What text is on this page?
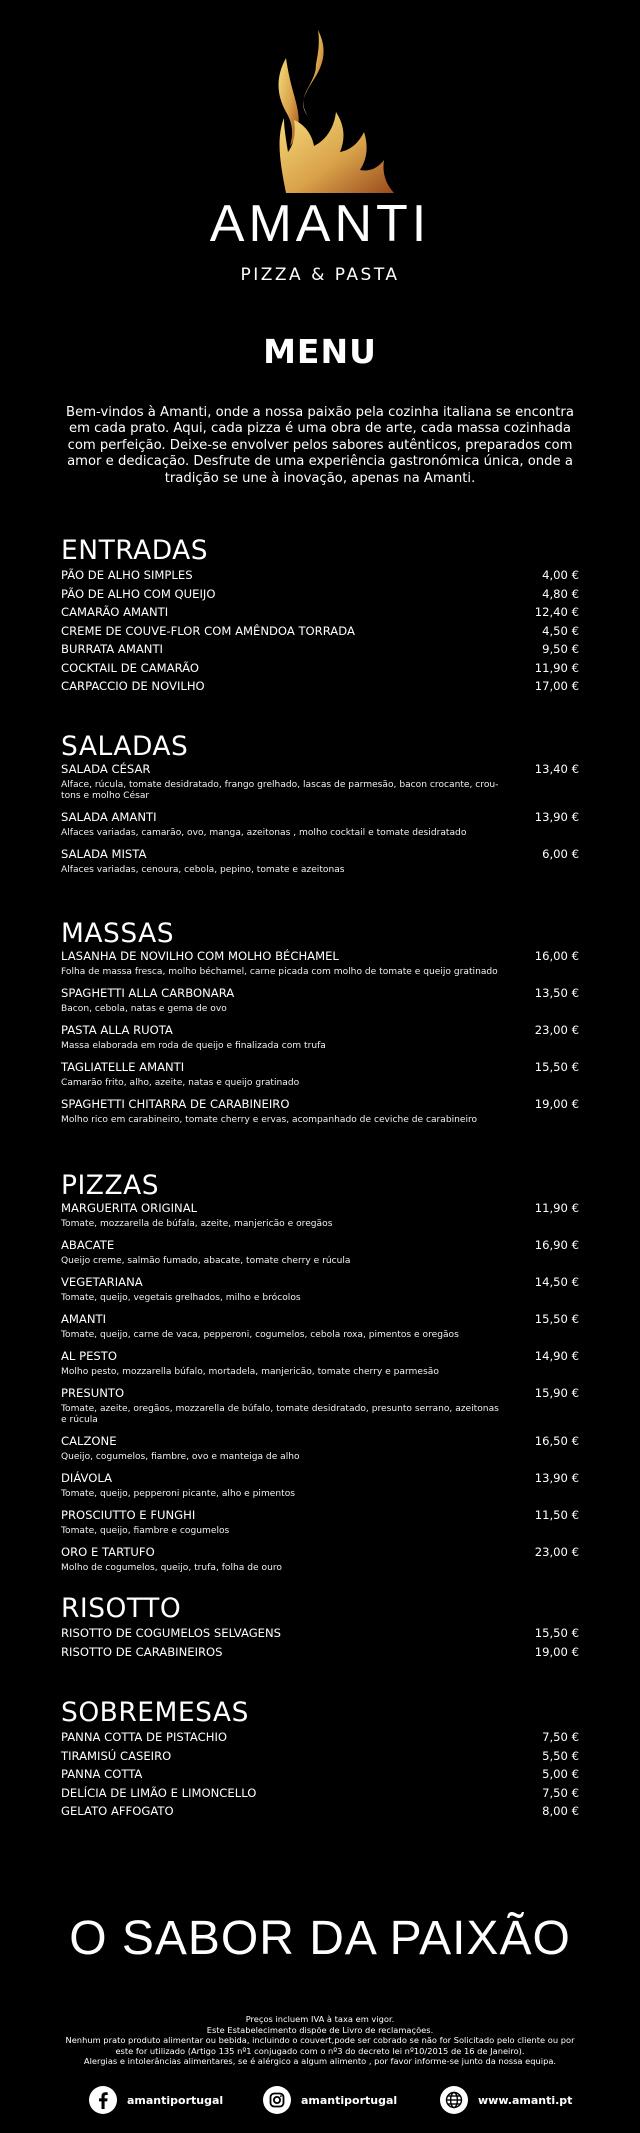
AMANTI
PIZZA & PASTA
MENU
Bem-vindos à Amanti, onde a nossa paixão pela cozinha italiana se encontra em cada prato. Aqui, cada pizza é uma obra de arte, cada massa cozinhada com perfeição. Deixe-se envolver pelos sabores autênticos, preparados com amor e dedicação. Desfrute de uma experiência gastronómica única, onde a tradição se une à inovação, apenas na Amanti.
ENTRADAS
PÃO DE ALHO SIMPLES	4,00 €
PÃO DE ALHO COM QUEIJO	4,80 €
CAMARÃO AMANTI	12,40 €
CREME DE COUVE-FLOR COM AMÊNDOA TORRADA	4,50 €
BURRATA AMANTI	9,50 €
COCKTAIL DE CAMARÃO	11,90 €
CARPACCIO DE NOVILHO	17,00 €
SALADAS
SALADA CÉSAR	13,40 €
Alface, rúcula, tomate desidratado, frango grelhado, lascas de parmesão, bacon crocante, crou-tons e molho César
SALADA AMANTI	13,90 €
Alfaces variadas, camarão, ovo, manga, azeitonas , molho cocktail e tomate desidratado
SALADA MISTA	6,00 €
Alfaces variadas, cenoura, cebola, pepino, tomate e azeitonas
MASSAS
LASANHA DE NOVILHO COM MOLHO BÉCHAMEL	16,00 €
Folha de massa fresca, molho béchamel, carne picada com molho de tomate e queijo gratinado
SPAGHETTI ALLA CARBONARA	13,50 €
Bacon, cebola, natas e gema de ovo
PASTA ALLA RUOTA	23,00 €
Massa elaborada em roda de queijo e finalizada com trufa
TAGLIATELLE AMANTI	15,50 €
Camarão frito, alho, azeite, natas e queijo gratinado
SPAGHETTI CHITARRA DE CARABINEIRO	19,00 €
Molho rico em carabineiro, tomate cherry e ervas, acompanhado de ceviche de carabineiro
PIZZAS
MARGUERITA ORIGINAL	11,90 €
Tomate, mozzarella de búfala, azeite, manjericão e oregãos
ABACATE	16,90 €
Queijo creme, salmão fumado, abacate, tomate cherry e rúcula
VEGETARIANA	14,50 €
Tomate, queijo, vegetais grelhados, milho e brócolos
AMANTI	15,50 €
Tomate, queijo, carne de vaca, pepperoni, cogumelos, cebola roxa, pimentos e oregãos
AL PESTO	14,90 €
Molho pesto, mozzarella búfalo, mortadela, manjericão, tomate cherry e parmesão
PRESUNTO	15,90 €
Tomate, azeite, oregãos, mozzarella de búfalo, tomate desidratado, presunto serrano, azeitonas e rúcula
CALZONE	16,50 €
Queijo, cogumelos, fiambre, ovo e manteiga de alho
DIÁVOLA	13,90 €
Tomate, queijo, pepperoni picante, alho e pimentos
PROSCIUTTO E FUNGHI	11,50 €
Tomate, queijo, fiambre e cogumelos
ORO E TARTUFO	23,00 €
Molho de cogumelos, queijo, trufa, folha de ouro
RISOTTO
RISOTTO DE COGUMELOS SELVAGENS	15,50 €
RISOTTO DE CARABINEIROS	19,00 €
SOBREMESAS
PANNA COTTA DE PISTACHIO	7,50 €
TIRAMISÚ CASEIRO	5,50 €
PANNA COTTA	5,00 €
DELÍCIA DE LIMÃO E LIMONCELLO	7,50 €
GELATO AFFOGATO	8,00 €
O SABOR DA PAIXÃO
Preços incluem IVA à taxa em vigor.
Este Estabelecimento dispõe de Livro de reclamações.
Nenhum prato produto alimentar ou bebida, incluindo o couvert,pode ser cobrado se não for Solicitado pelo cliente ou por
este for utilizado (Artigo 135 nº1 conjugado com o nº3 do decreto lei nº10/2015 de 16 de Janeiro).
Alergias e intolerâncias alimentares, se é alérgico a algum alimento , por favor informe-se junto da nossa equipa.
amantiportugal	amantiportugal	www.amanti.pt
